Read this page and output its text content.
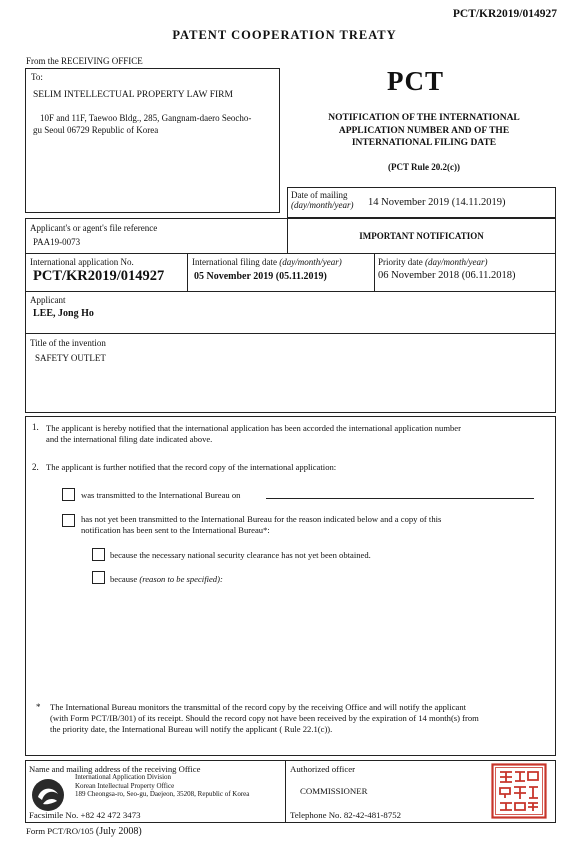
PCT/KR2019/014927
PATENT COOPERATION TREATY
From the RECEIVING OFFICE
To:
SELIM INTELLECTUAL PROPERTY LAW FIRM
10F and 11F, Taewoo Bldg., 285, Gangnam-daero Seocho-
gu Seoul 06729 Republic of Korea
PCT
NOTIFICATION OF THE INTERNATIONAL
APPLICATION NUMBER AND OF THE
INTERNATIONAL FILING DATE
(PCT Rule 20.2(c))
Date of mailing
(day/month/year) 14 November 2019 (14.11.2019)
Applicant's or agent's file reference
PAA19-0073
IMPORTANT NOTIFICATION
International application No.
PCT/KR2019/014927
International filing date (day/month/year)
05 November 2019 (05.11.2019)
Priority date (day/month/year)
06 November 2018 (06.11.2018)
Applicant
LEE, Jong Ho
Title of the invention
SAFETY OUTLET
1. The applicant is hereby notified that the international application has been accorded the international application number
and the international filing date indicated above.
2. The applicant is further notified that the record copy of the international application:
was transmitted to the International Bureau on
has not yet been transmitted to the International Bureau for the reason indicated below and a copy of this
notification has been sent to the International Bureau*:
because the necessary national security clearance has not yet been obtained.
because (reason to be specified):
* The International Bureau monitors the transmittal of the record copy by the receiving Office and will notify the applicant
(with Form PCT/IB/301) of its receipt. Should the record copy not have been received by the expiration of 14 month(s) from
the priority date, the International Bureau will notify the applicant ( Rule 22.1(c)).
Name and mailing address of the receiving Office
International Application Division
Korean Intellectual Property Office
189 Cheongsa-ro, Seo-gu, Daejeon, 35208, Republic of Korea
Facsimile No. +82 42 472 3473
Authorized officer
COMMISSIONER
Telephone No. 82-42-481-8752
Form PCT/RO/105 (July 2008)
